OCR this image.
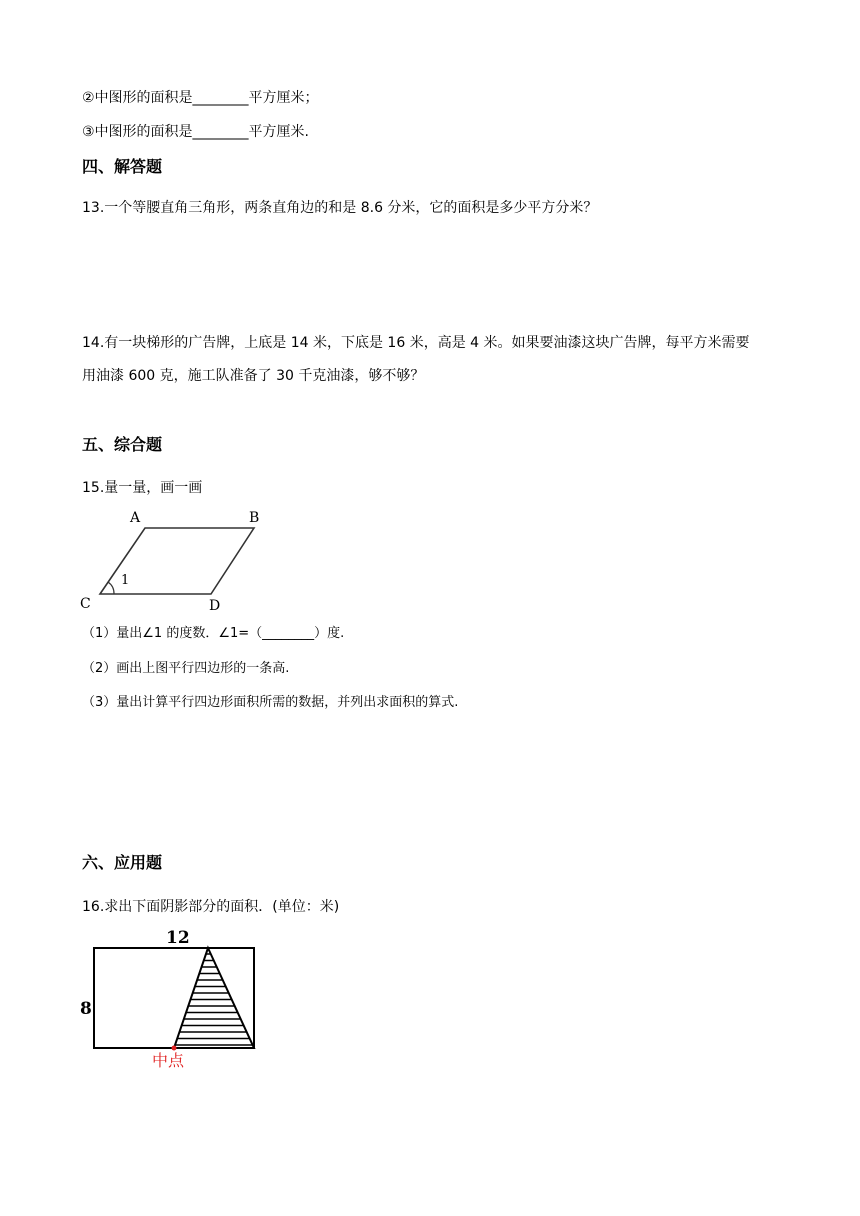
②中图形的面积是________平方厘米；
③中图形的面积是________平方厘米.
四、解答题
13.一个等腰直角三角形，两条直角边的和是 8.6 分米，它的面积是多少平方分米？
14.有一块梯形的广告牌，上底是 14 米，下底是 16 米，高是 4 米。如果要油漆这块广告牌，每平方米需要
用油漆 600 克，施工队准备了 30 千克油漆，够不够？
五、综合题
15.量一量，画一画
A	B
C	D
1
（1）量出∠1 的度数．∠1=（________）度.
（2）画出上图平行四边形的一条高.
（3）量出计算平行四边形面积所需的数据，并列出求面积的算式.
六、应用题
16.求出下面阴影部分的面积．(单位：米)
12
8
中点
